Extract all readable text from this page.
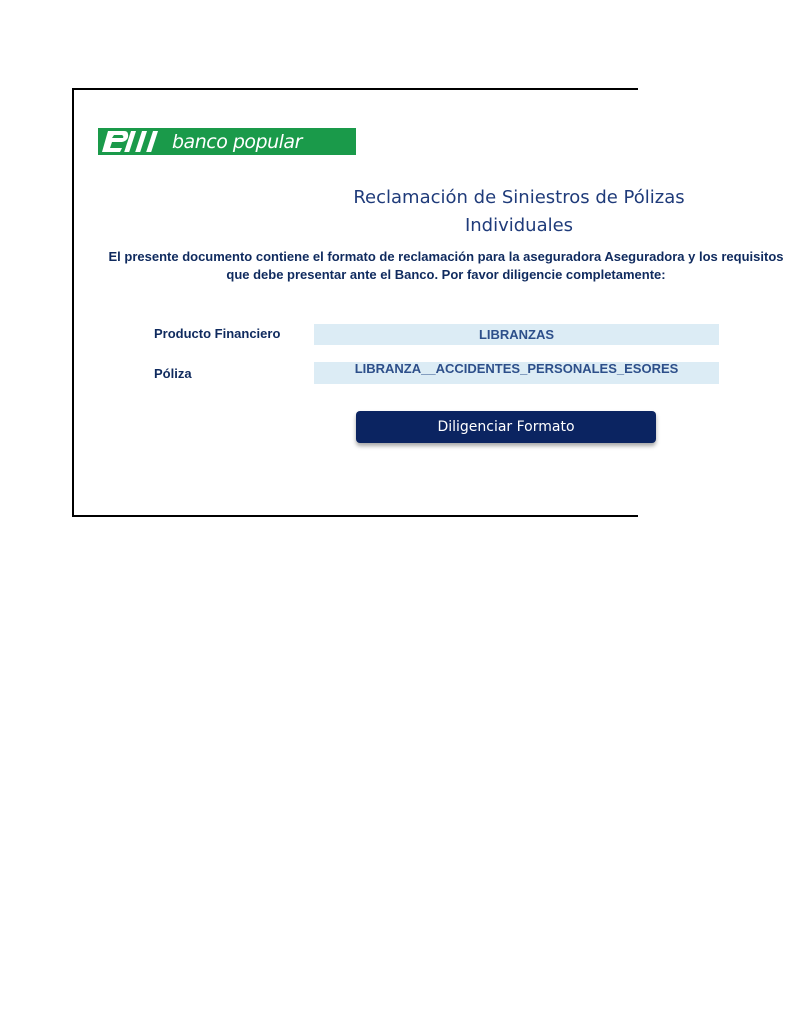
banco popular
Reclamación de Siniestros de Pólizas Individuales
El presente documento contiene el formato de reclamación para la aseguradora Aseguradora y los requisitos que debe presentar ante el Banco. Por favor diligencie completamente:
Producto Financiero	LIBRANZAS
Póliza	LIBRANZA__ACCIDENTES_PERSONALES_ESORES
Diligenciar Formato
